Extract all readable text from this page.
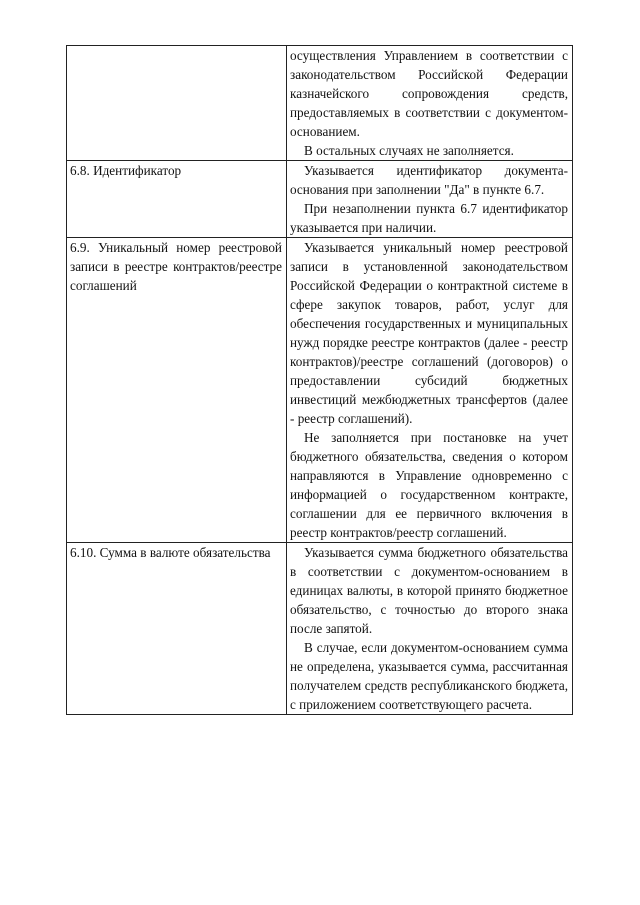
	осуществления Управлением в соответствии с законодательством Российской Федерации казначейского сопровождения средств, предоставляемых в соответствии с документом-основанием.

В остальных случаях не заполняется.

6.8. Идентификатор	Указывается идентификатор документа-основания при заполнении "Да" в пункте 6.7.

При незаполнении пункта 6.7 идентификатор указывается при наличии.

6.9. Уникальный номер реестровой записи в реестре контрактов/реестре соглашений	Указывается уникальный номер реестровой записи в установленной законодательством Российской Федерации о контрактной системе в сфере закупок товаров, работ, услуг для обеспечения государственных и муниципальных нужд порядке реестре контрактов (далее - реестр контрактов)/реестре соглашений (договоров) о предоставлении субсидий бюджетных инвестиций межбюджетных трансфертов (далее - реестр соглашений).

Не заполняется при постановке на учет бюджетного обязательства, сведения о котором направляются в Управление одновременно с информацией о государственном контракте, соглашении для ее первичного включения в реестр контрактов/реестр соглашений.

6.10. Сумма в валюте обязательства	Указывается сумма бюджетного обязательства в соответствии с документом-основанием в единицах валюты, в которой принято бюджетное обязательство, с точностью до второго знака после запятой.

В случае, если документом-основанием сумма не определена, указывается сумма, рассчитанная получателем средств республиканского бюджета, с приложением соответствующего расчета.
